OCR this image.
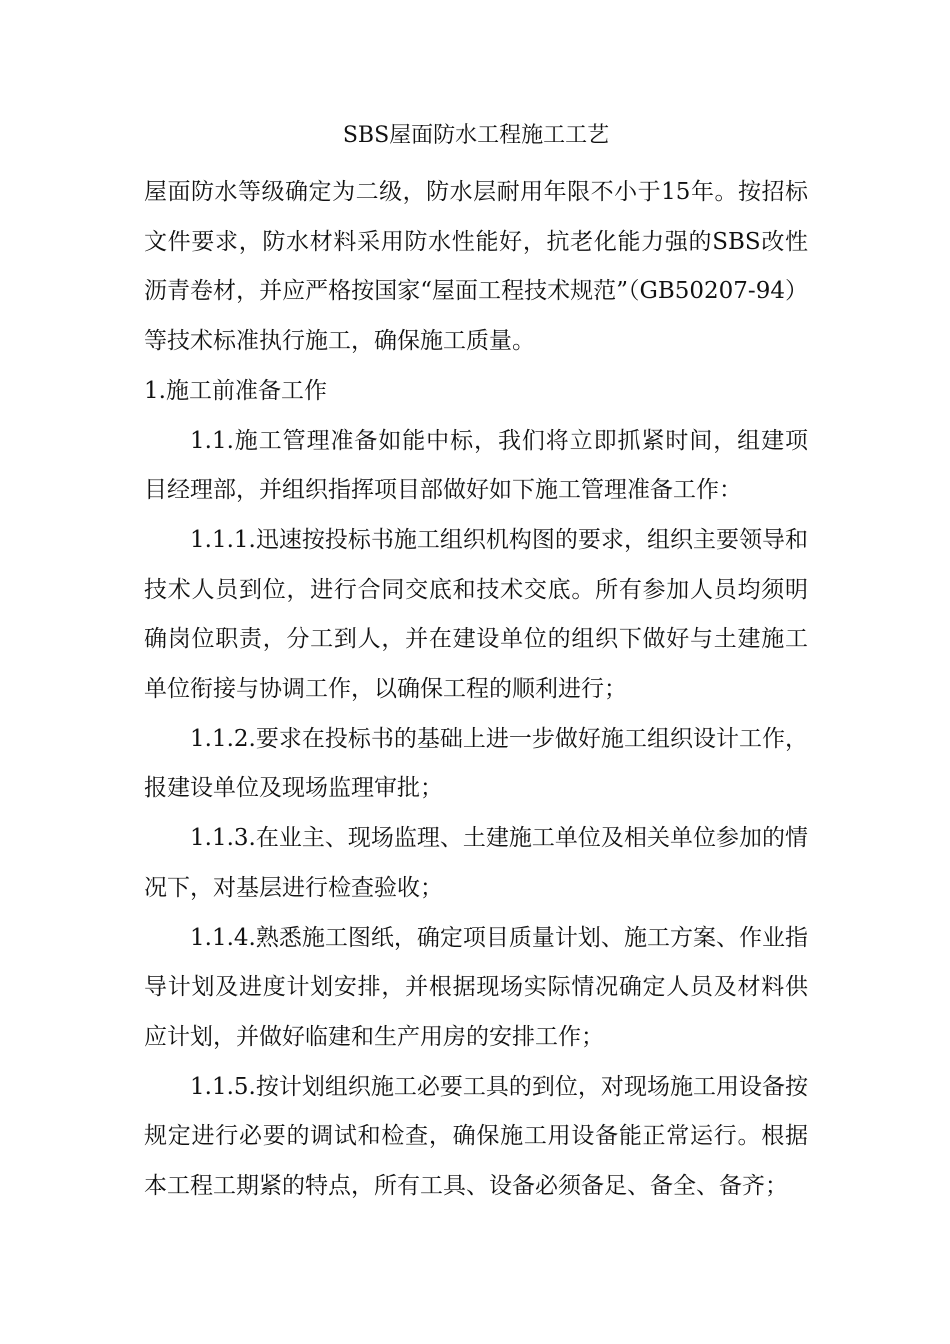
SBS屋面防水工程施工工艺

屋面防水等级确定为二级，防水层耐用年限不小于15年。按招标文件要求，防水材料采用防水性能好，抗老化能力强的SBS改性沥青卷材，并应严格按国家“屋面工程技术规范”（GB50207-94）等技术标准执行施工，确保施工质量。

1.施工前准备工作

1.1.施工管理准备如能中标，我们将立即抓紧时间，组建项目经理部，并组织指挥项目部做好如下施工管理准备工作：

1.1.1.迅速按投标书施工组织机构图的要求，组织主要领导和技术人员到位，进行合同交底和技术交底。所有参加人员均须明确岗位职责，分工到人，并在建设单位的组织下做好与土建施工单位衔接与协调工作，以确保工程的顺利进行；

1.1.2.要求在投标书的基础上进一步做好施工组织设计工作，报建设单位及现场监理审批；

1.1.3.在业主、现场监理、土建施工单位及相关单位参加的情况下，对基层进行检查验收；

1.1.4.熟悉施工图纸，确定项目质量计划、施工方案、作业指导计划及进度计划安排，并根据现场实际情况确定人员及材料供应计划，并做好临建和生产用房的安排工作；

1.1.5.按计划组织施工必要工具的到位，对现场施工用设备按规定进行必要的调试和检查，确保施工用设备能正常运行。根据本工程工期紧的特点，所有工具、设备必须备足、备全、备齐；
